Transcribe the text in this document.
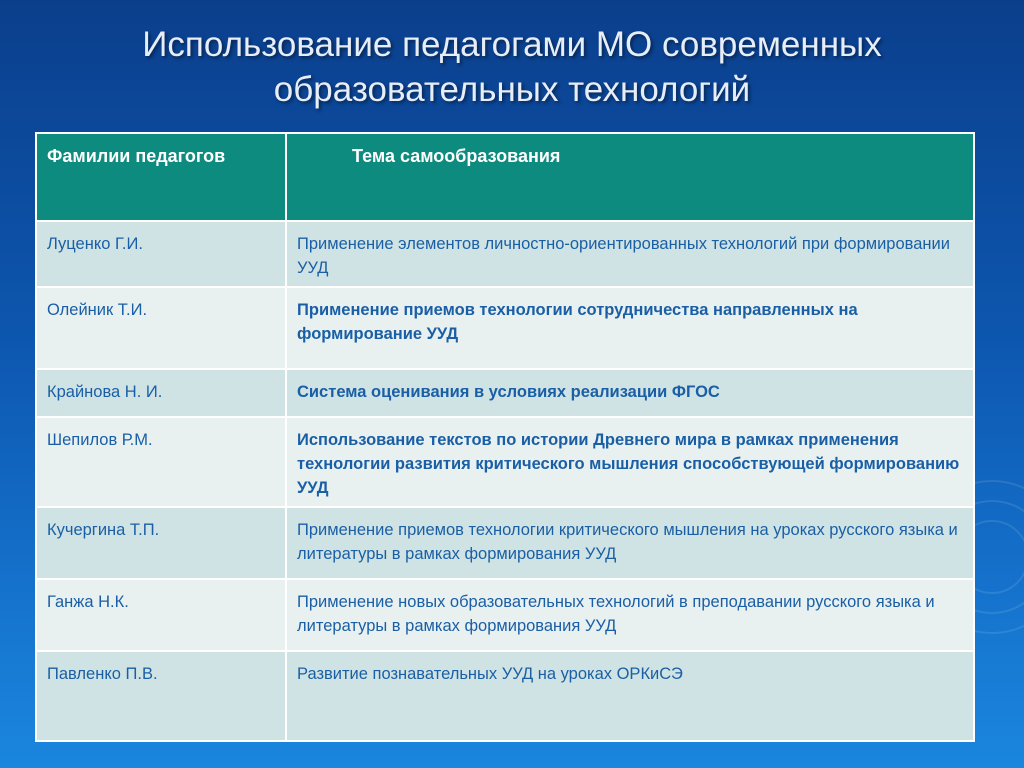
Использование педагогами МО современных
образовательных технологий
Фамилии педагогов	Тема самообразования
Луценко Г.И.	Применение элементов личностно-ориентированных технологий при формировании УУД
Олейник Т.И.	Применение приемов технологии сотрудничества направленных на формирование УУД
Крайнова Н. И.	Система оценивания в условиях реализации ФГОС
Шепилов Р.М.	Использование текстов по истории Древнего мира в рамках применения технологии развития критического мышления способствующей формированию УУД
Кучергина Т.П.	Применение приемов технологии критического мышления на уроках русского языка и литературы в рамках формирования УУД
Ганжа Н.К.	Применение новых образовательных технологий в преподавании русского языка и литературы в рамках формирования УУД
Павленко П.В.	Развитие познавательных УУД на уроках ОРКиСЭ
